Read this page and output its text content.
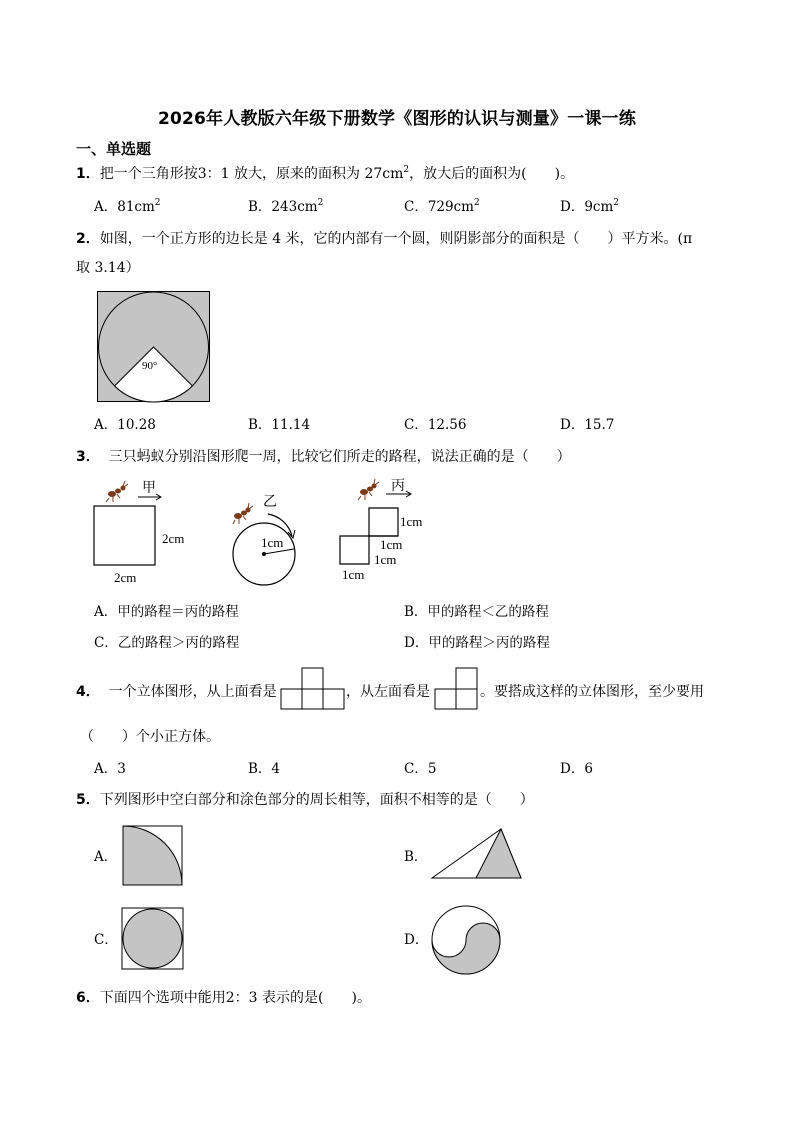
2026年人教版六年级下册数学《图形的认识与测量》一课一练
一、单选题
1．把一个三角形按3：1 放大，原来的面积为 $27cm^2$，放大后的面积为(　　)。
A．$81cm^2$	B．$243cm^2$	C．$729cm^2$	D．$9cm^2$
2．如图，一个正方形的边长是 4 米，它的内部有一个圆，则阴影部分的面积是（　　）平方米。(π
取 3.14）
90°
A．10.28	B．11.14	C．12.56	D．15.7
3． 三只蚂蚁分别沿图形爬一周，比较它们所走的路程，说法正确的是（　　）
甲
2cm
2cm
乙
1cm
丙
1cm
1cm
1cm
1cm
A．甲的路程＝丙的路程	B．甲的路程＜乙的路程
C．乙的路程＞丙的路程	D．甲的路程＞丙的路程
4． 一个立体图形，从上面看是	，从左面看是	。要搭成这样的立体图形，至少要用
（　　）个小正方体。
A．3	B．4	C．5	D．6
5．下列图形中空白部分和涂色部分的周长相等，面积不相等的是（　　）
A．	B．
C．	D．
6．下面四个选项中能用2：3 表示的是(　　)。
